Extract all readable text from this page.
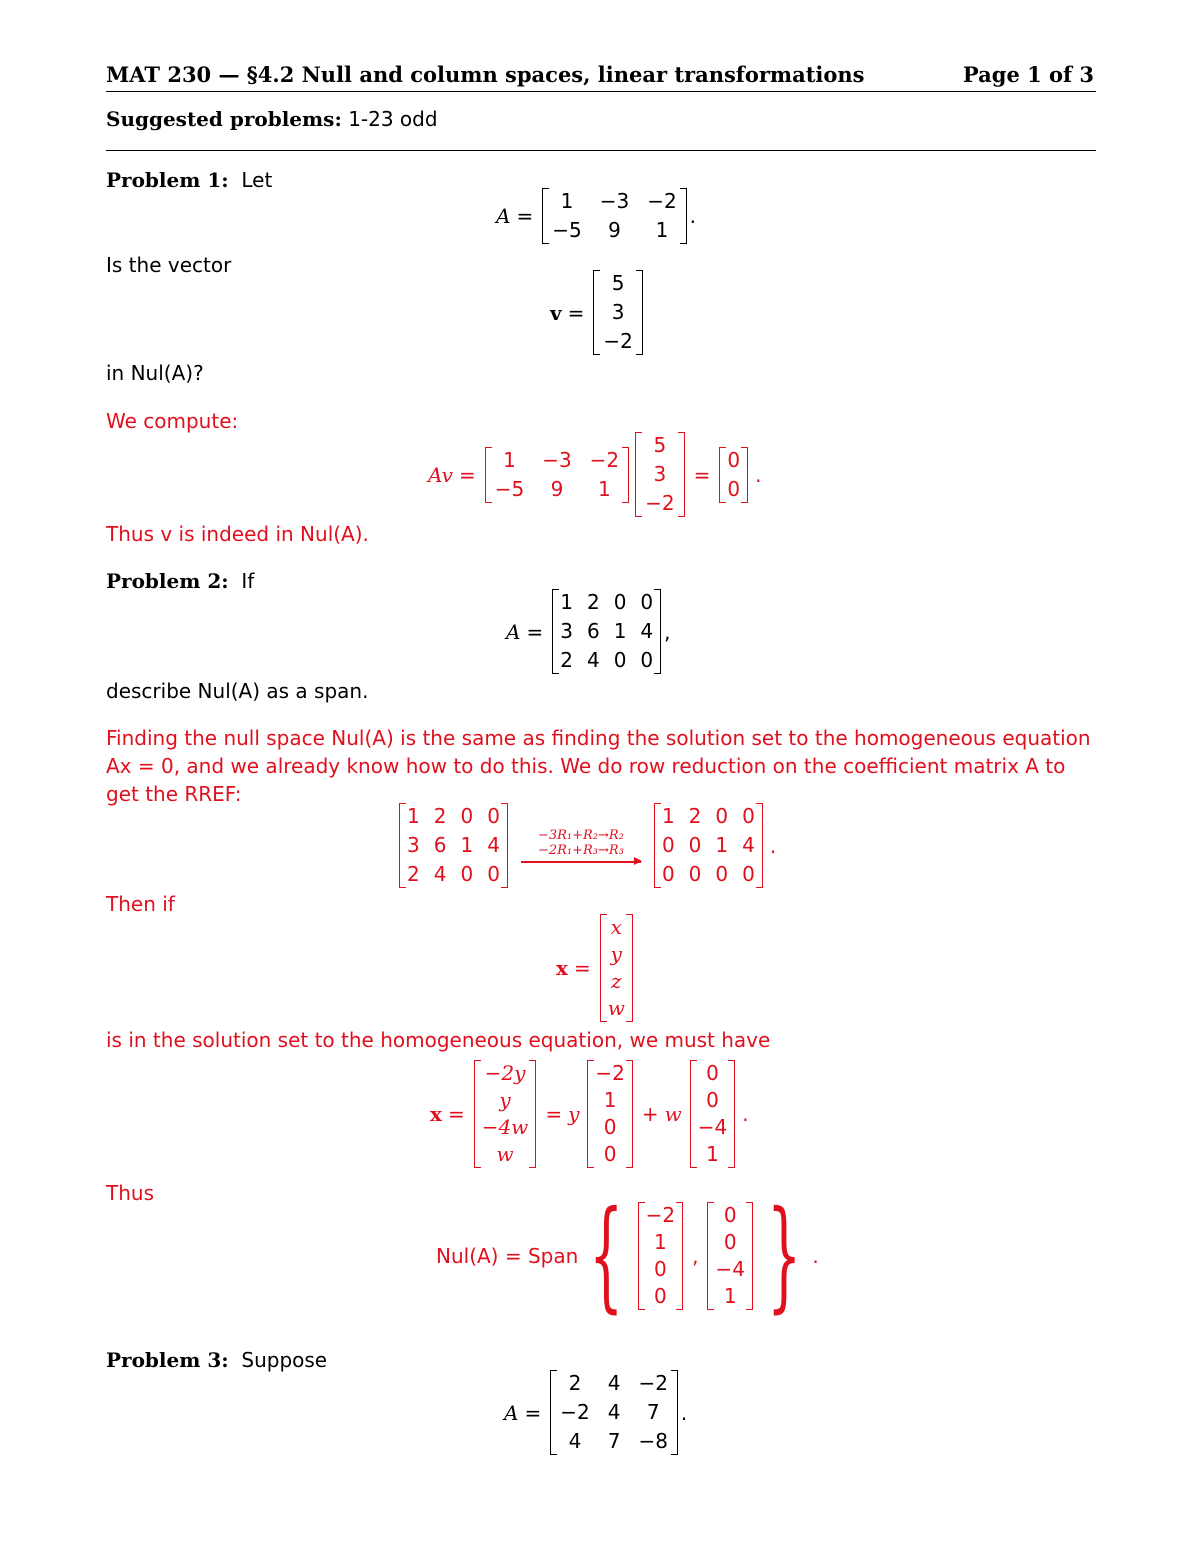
MAT 230 — §4.2 Null and column spaces, linear transformations	Page 1 of 3
Suggested problems: 1-23 odd
Problem 1: Let
A =
1	−3 −2
−5	9	1
.
Is the vector
v =
5
3
−2
in Nul(A)?
We compute:
Av =
1	−3 −2
−5	9	1
5
3
−2
=
0
0
.
Thus v is indeed in Nul(A).
Problem 2: If
A =
1 2 0 0
3 6 1 4
2 4 0 0
,
describe Nul(A) as a span.
Finding the null space Nul(A) is the same as finding the solution set to the homogeneous equation
Ax = 0, and we already know how to do this. We do row reduction on the coefficient matrix A to
get the RREF:
1 2 0 0
3 6 1 4
2 4 0 0
−3R₁+R₂→R₂
−2R₁+R₃→R₃
1 2 0 0
0 0 1 4
0 0 0 0
.
Then if
x =
x
y
z
w
is in the solution set to the homogeneous equation, we must have
x =
−2y
y
−4w
w
= y
−2
1
0
0
+ w
0
0
−4
1
.
Thus
Nul(A) = Span {	−2
1
0
0
,
0
0
−4
1 } .
Problem 3: Suppose
A =
2	4 −2
−2 4	7
4	7 −8
.
